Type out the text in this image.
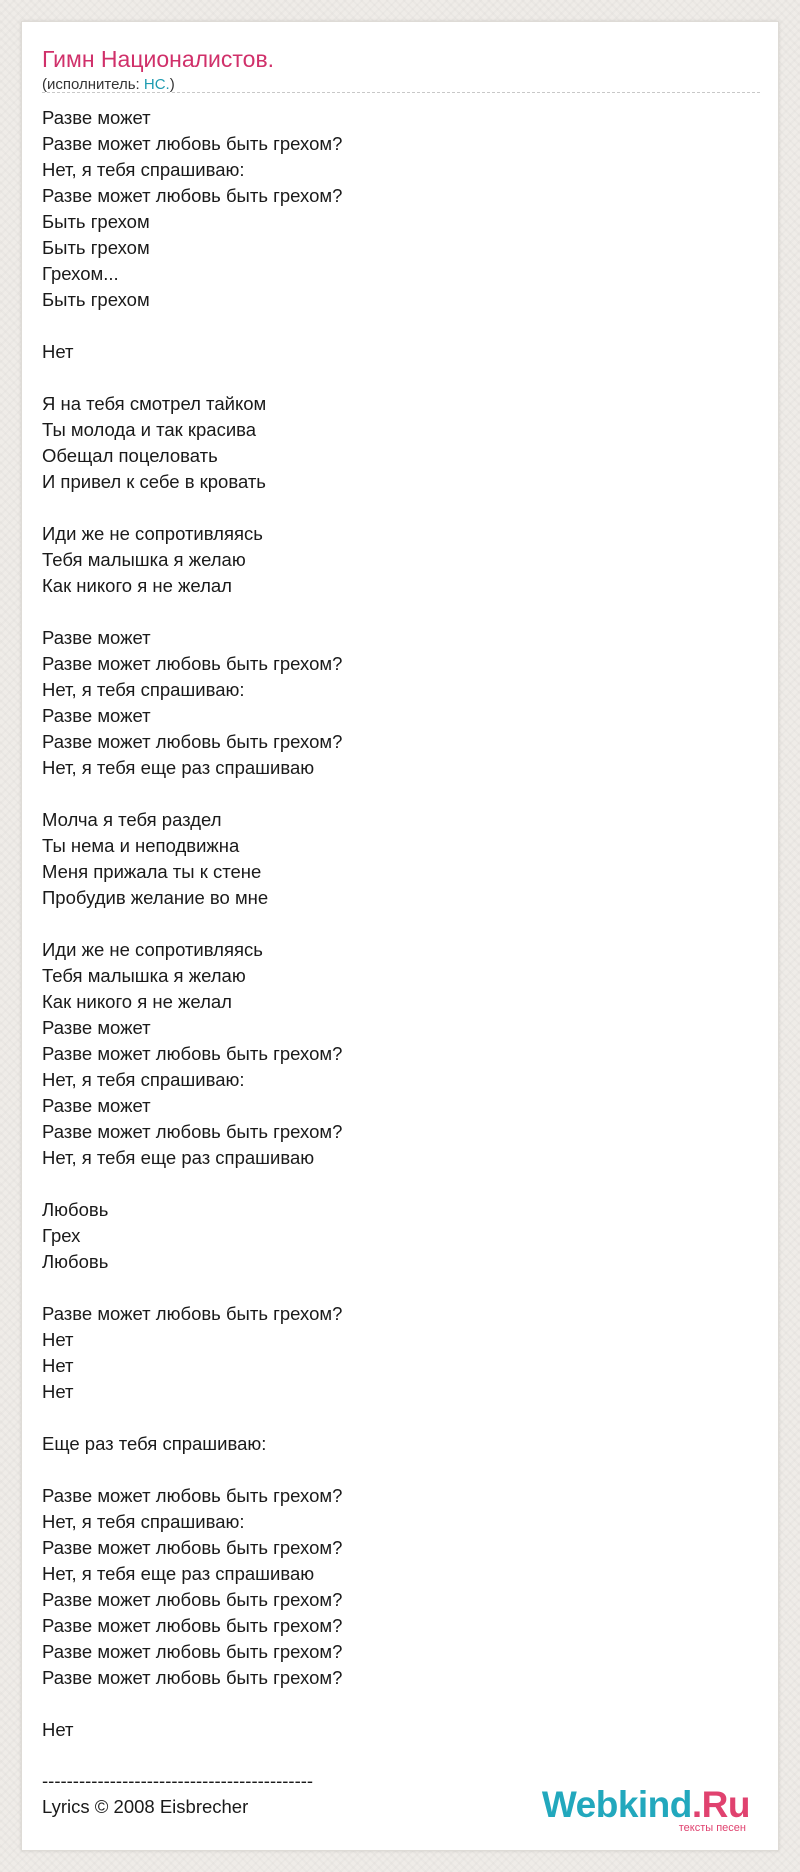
Гимн Националистов.
(исполнитель: НС.)
Разве может
Разве может любовь быть грехом?
Нет, я тебя спрашиваю:
Разве может любовь быть грехом?
Быть грехом
Быть грехом
Грехом...
Быть грехом
Нет
Я на тебя смотрел тайком
Ты молода и так красива
Обещал поцеловать
И привел к себе в кровать
Иди же не сопротивляясь
Тебя малышка я желаю
Как никого я не желал
Разве может
Разве может любовь быть грехом?
Нет, я тебя спрашиваю:
Разве может
Разве может любовь быть грехом?
Нет, я тебя еще раз спрашиваю
Молча я тебя раздел
Ты нема и неподвижна
Меня прижала ты к стене
Пробудив желание во мне
Иди же не сопротивляясь
Тебя малышка я желаю
Как никого я не желал
Разве может
Разве может любовь быть грехом?
Нет, я тебя спрашиваю:
Разве может
Разве может любовь быть грехом?
Нет, я тебя еще раз спрашиваю
Любовь
Грех
Любовь
Разве может любовь быть грехом?
Нет
Нет
Нет
Еще раз тебя спрашиваю:
Разве может любовь быть грехом?
Нет, я тебя спрашиваю:
Разве может любовь быть грехом?
Нет, я тебя еще раз спрашиваю
Разве может любовь быть грехом?
Разве может любовь быть грехом?
Разве может любовь быть грехом?
Разве может любовь быть грехом?
Нет
--------------------------------------------
Lyrics © 2008 Eisbrecher	Webkind.Ru
тексты песен
